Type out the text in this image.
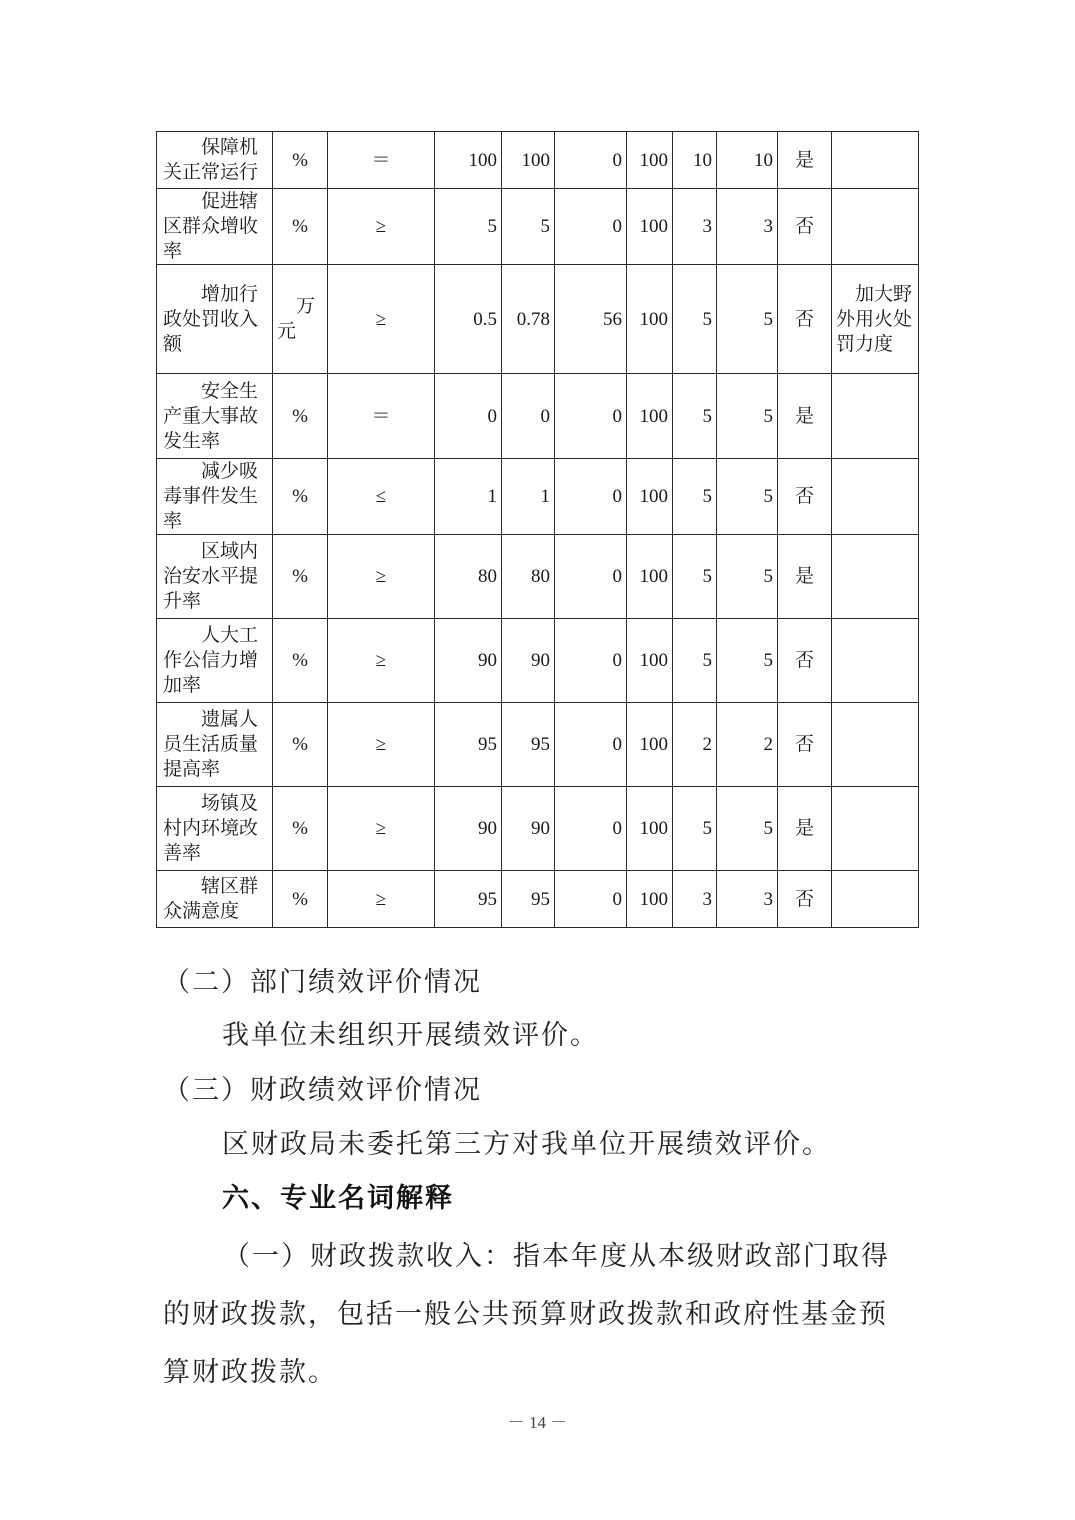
保障机关正常运行	%	＝	100	100	0	100	10	10	是	
促进辖区群众增收率	%	≥	5	5	0	100	3	3	否	
增加行政处罚收入额	万元	≥	0.5	0.78	56	100	5	5	否	加大野外用火处罚力度
安全生产重大事故发生率	%	＝	0	0	0	100	5	5	是	
减少吸毒事件发生率	%	≤	1	1	0	100	5	5	否	
区域内治安水平提升率	%	≥	80	80	0	100	5	5	是	
人大工作公信力增加率	%	≥	90	90	0	100	5	5	否	
遗属人员生活质量提高率	%	≥	95	95	0	100	2	2	否	
场镇及村内环境改善率	%	≥	90	90	0	100	5	5	是	
辖区群众满意度	%	≥	95	95	0	100	3	3	否	
（二）部门绩效评价情况
我单位未组织开展绩效评价。
（三）财政绩效评价情况
区财政局未委托第三方对我单位开展绩效评价。
六、专业名词解释
（一）财政拨款收入：指本年度从本级财政部门取得的财政拨款，包括一般公共预算财政拨款和政府性基金预算财政拨款。
－ 14 －
